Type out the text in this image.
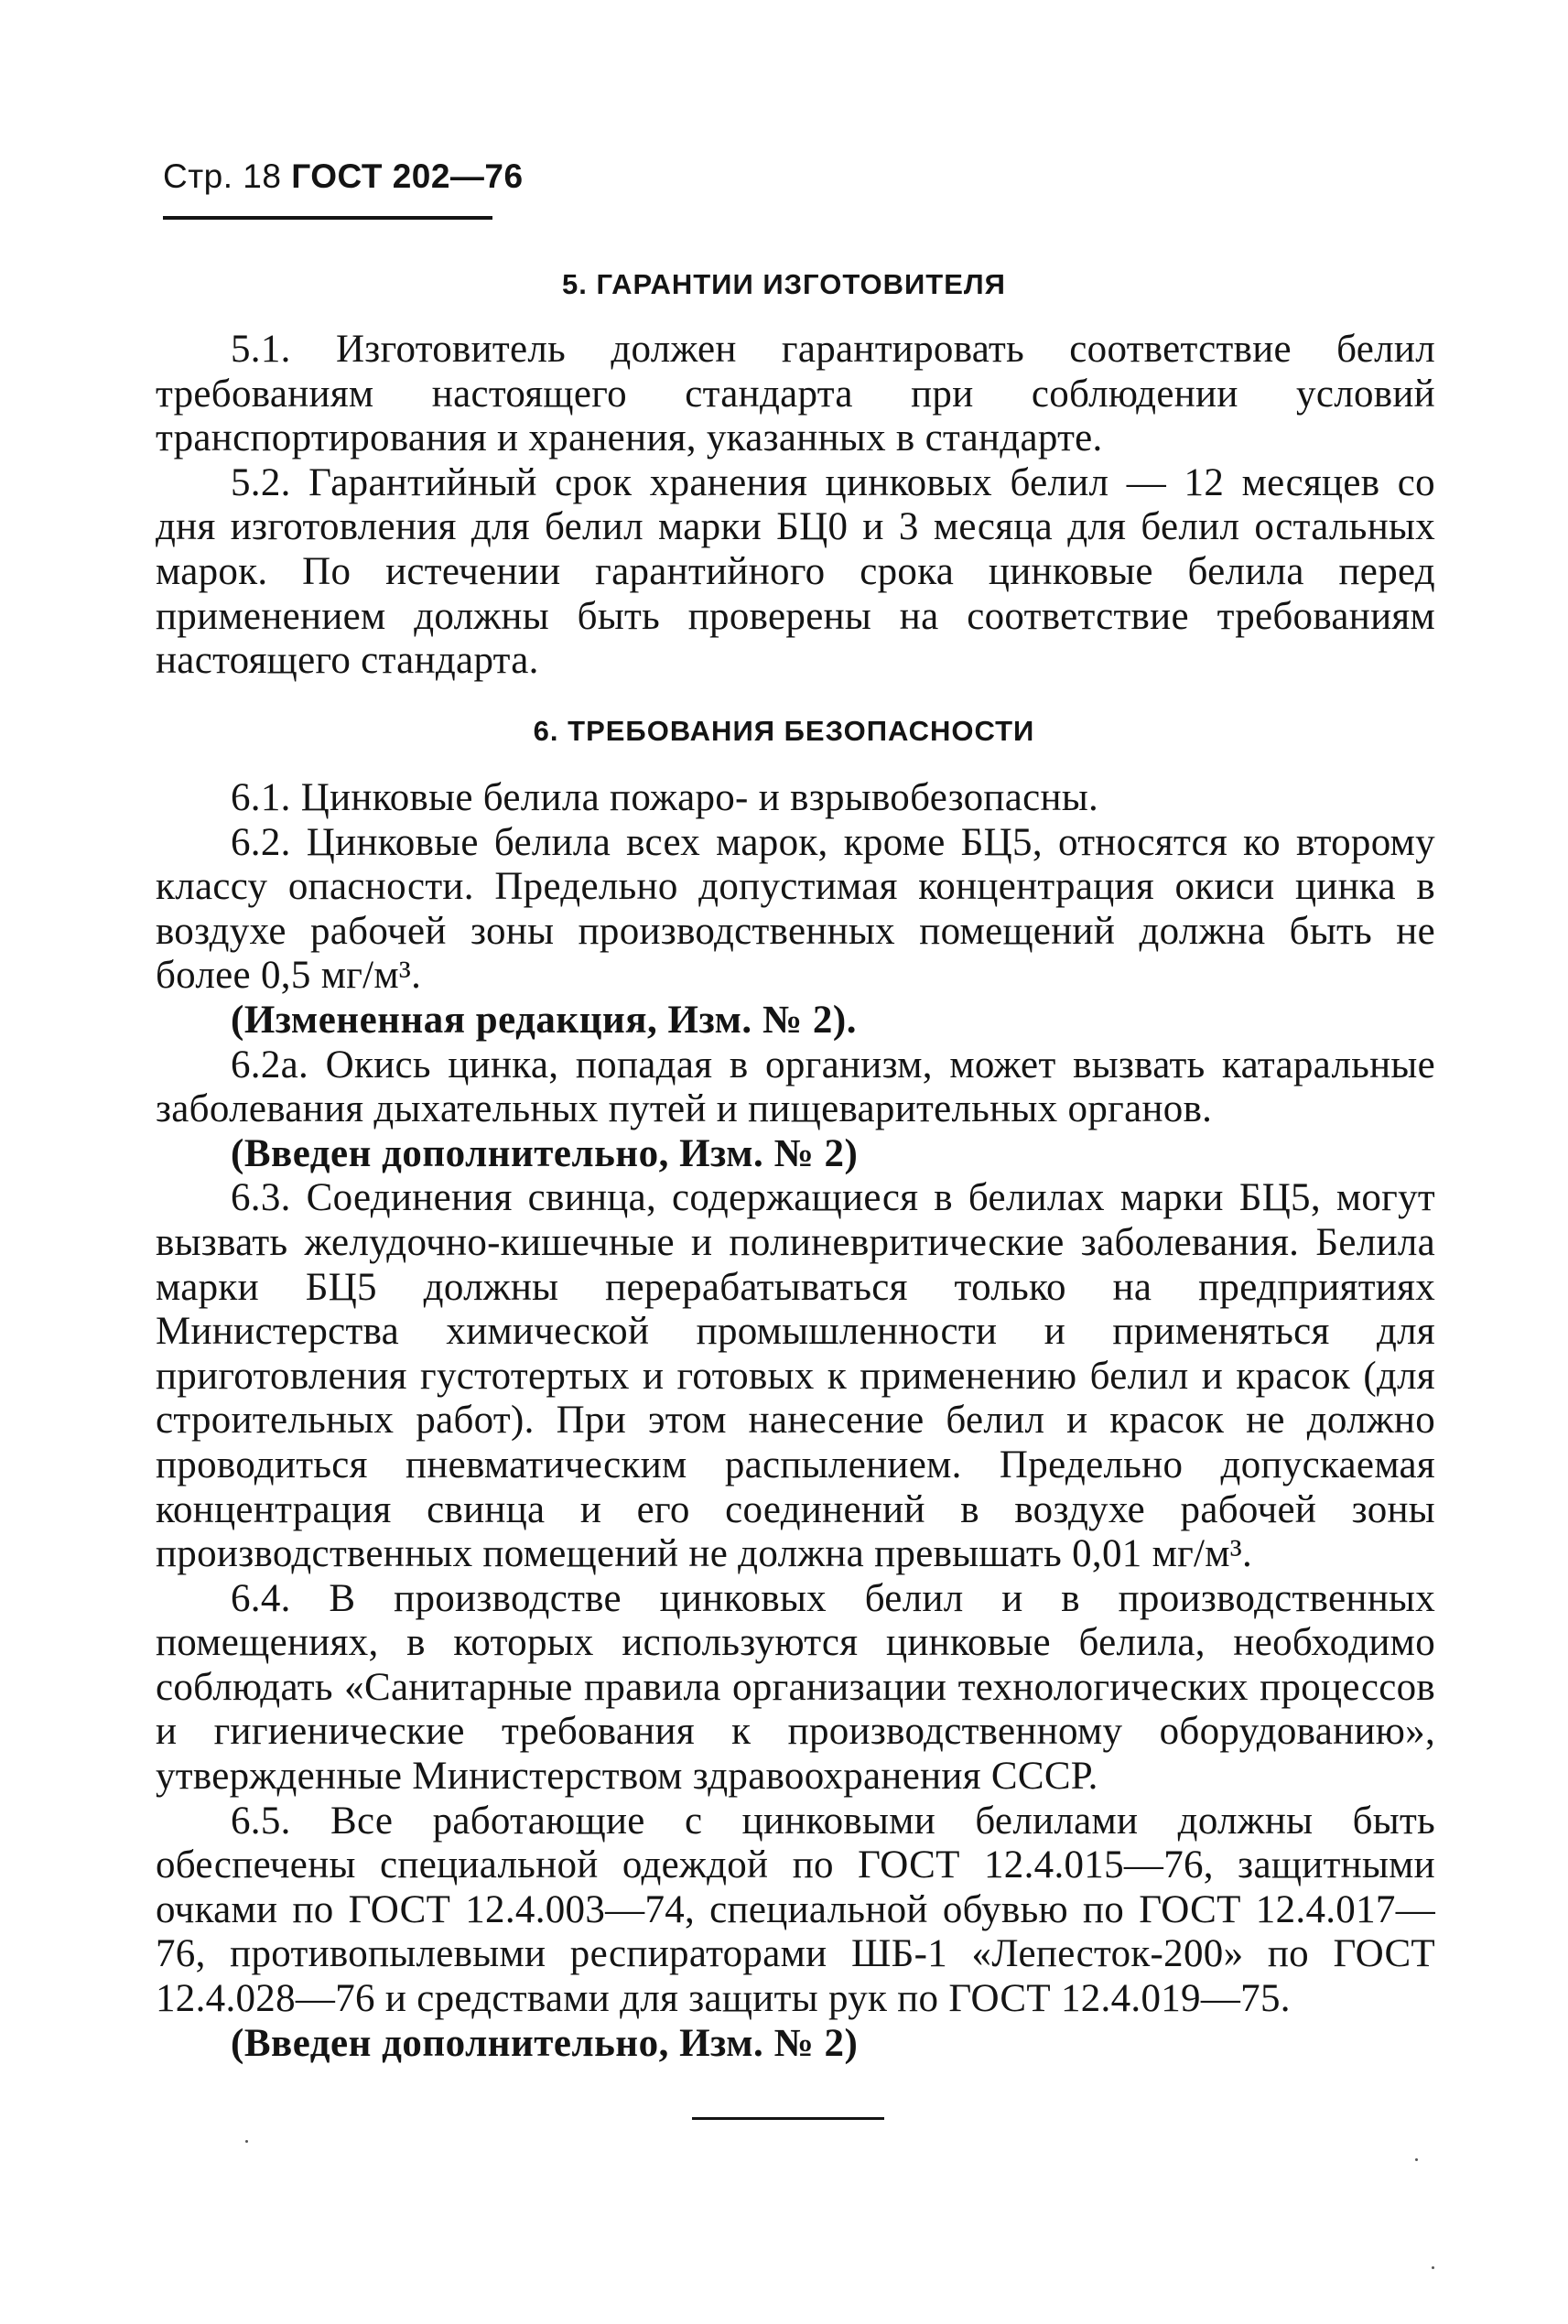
Стр. 18 ГОСТ 202—76
5. ГАРАНТИИ ИЗГОТОВИТЕЛЯ

5.1. Изготовитель должен гарантировать соответствие белил требованиям настоящего стандарта при соблюдении условий транспортирования и хранения, указанных в стандарте.

5.2. Гарантийный срок хранения цинковых белил — 12 месяцев со дня изготовления для белил марки БЦ0 и 3 месяца для белил остальных марок. По истечении гарантийного срока цинковые белила перед применением должны быть проверены на соответствие требованиям настоящего стандарта.

6. ТРЕБОВАНИЯ БЕЗОПАСНОСТИ

6.1. Цинковые белила пожаро- и взрывобезопасны.

6.2. Цинковые белила всех марок, кроме БЦ5, относятся ко второму классу опасности. Предельно допустимая концентрация окиси цинка в воздухе рабочей зоны производственных помещений должна быть не более 0,5 мг/м³.

(Измененная редакция, Изм. № 2).

6.2а. Окись цинка, попадая в организм, может вызвать катаральные заболевания дыхательных путей и пищеварительных органов.

(Введен дополнительно, Изм. № 2)

6.3. Соединения свинца, содержащиеся в белилах марки БЦ5, могут вызвать желудочно-кишечные и полиневритические заболевания. Белила марки БЦ5 должны перерабатываться только на предприятиях Министерства химической промышленности и применяться для приготовления густотертых и готовых к применению белил и красок (для строительных работ). При этом нанесение белил и красок не должно проводиться пневматическим распылением. Предельно допускаемая концентрация свинца и его соединений в воздухе рабочей зоны производственных помещений не должна превышать 0,01 мг/м³.

6.4. В производстве цинковых белил и в производственных помещениях, в которых используются цинковые белила, необходимо соблюдать «Санитарные правила организации технологических процессов и гигиенические требования к производственному оборудованию», утвержденные Министерством здравоохранения СССР.

6.5. Все работающие с цинковыми белилами должны быть обеспечены специальной одеждой по ГОСТ 12.4.015—76, защитными очками по ГОСТ 12.4.003—74, специальной обувью по ГОСТ 12.4.017—76, противопылевыми респираторами ШБ-1 «Лепесток-200» по ГОСТ 12.4.028—76 и средствами для защиты рук по ГОСТ 12.4.019—75.

(Введен дополнительно, Изм. № 2)
